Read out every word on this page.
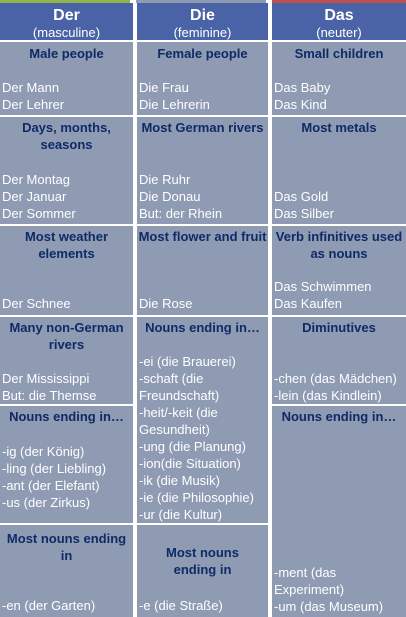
Der
(masculine)
Die
(feminine)
Das
(neuter)
Male people
Der Mann
Der Lehrer
Female people
Die Frau
Die Lehrerin
Small children
Das Baby
Das Kind
Days, months, seasons
Der Montag
Der Januar
Der Sommer
Most German rivers
Die Ruhr
Die Donau
But: der Rhein
Most metals
Das Gold
Das Silber
Most weather elements
Der Schnee
Most flower and fruit
Die Rose
Verb infinitives used as nouns
Das Schwimmen
Das Kaufen
Many non-German rivers
Der Mississippi
But: die Themse
Nouns ending in…
-ei (die Brauerei)
-schaft (die
Freundschaft)
-heit/-keit (die
Gesundheit)
-ung (die Planung)
-ion(die Situation)
-ik (die Musik)
-ie (die Philosophie)
-ur (die Kultur)
Diminutives
-chen (das Mädchen)
-lein (das Kindlein)
Nouns ending in…
-ig (der König)
-ling (der Liebling)
-ant (der Elefant)
-us (der Zirkus)
Nouns ending in…
-ment (das
Experiment)
-um (das Museum)
Most nouns ending in
-en (der Garten)
Most nouns ending in
-e (die Straße)
